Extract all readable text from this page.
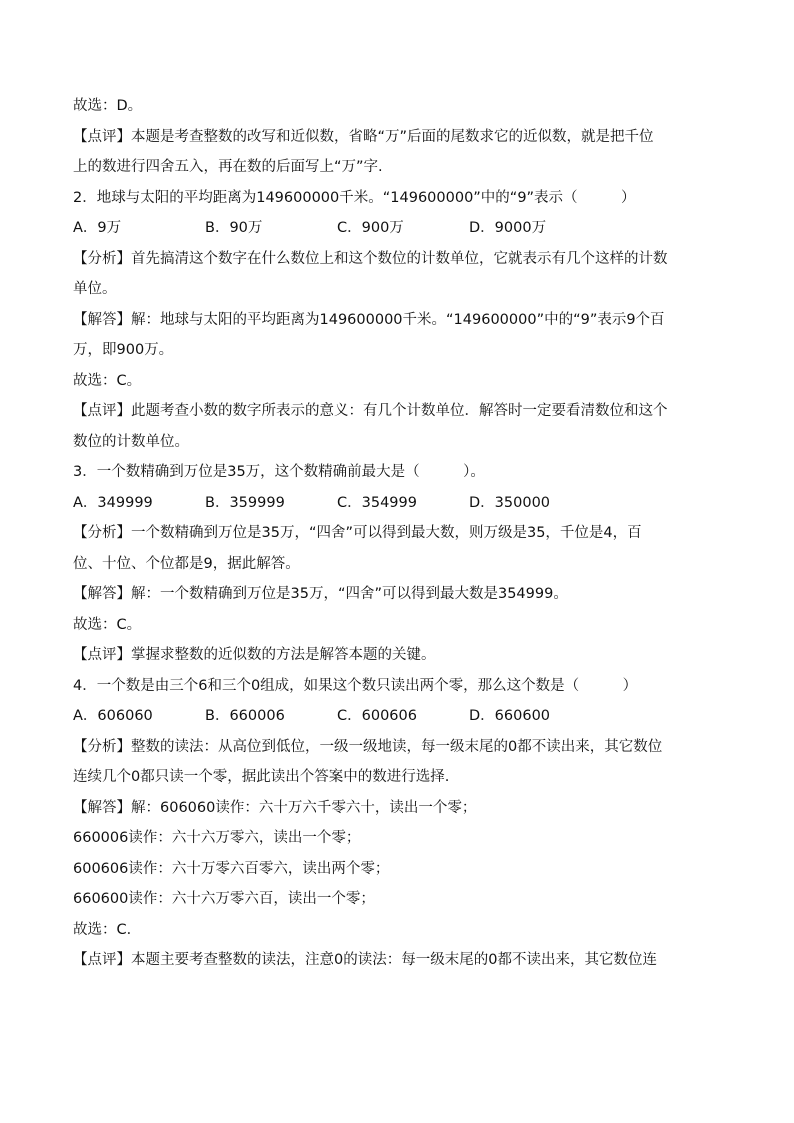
故选：D。
【点评】本题是考查整数的改写和近似数，省略“万”后面的尾数求它的近似数，就是把千位
上的数进行四舍五入，再在数的后面写上“万”字.
2．地球与太阳的平均距离为149600000千米。“149600000”中的“9”表示（　　　）
A．9万	B．90万	C．900万	D．9000万
【分析】首先搞清这个数字在什么数位上和这个数位的计数单位，它就表示有几个这样的计数
单位。
【解答】解：地球与太阳的平均距离为149600000千米。“149600000”中的“9”表示9个百
万，即900万。
故选：C。
【点评】此题考查小数的数字所表示的意义：有几个计数单位．解答时一定要看清数位和这个
数位的计数单位。
3．一个数精确到万位是35万，这个数精确前最大是（　　　）。
A．349999	B．359999	C．354999	D．350000
【分析】一个数精确到万位是35万，“四舍”可以得到最大数，则万级是35，千位是4，百
位、十位、个位都是9，据此解答。
【解答】解：一个数精确到万位是35万，“四舍”可以得到最大数是354999。
故选：C。
【点评】掌握求整数的近似数的方法是解答本题的关键。
4．一个数是由三个6和三个0组成，如果这个数只读出两个零，那么这个数是（　　　）
A．606060	B．660006	C．600606	D．660600
【分析】整数的读法：从高位到低位，一级一级地读，每一级末尾的0都不读出来，其它数位
连续几个0都只读一个零，据此读出个答案中的数进行选择.
【解答】解：606060读作：六十万六千零六十，读出一个零；
660006读作：六十六万零六，读出一个零；
600606读作：六十万零六百零六，读出两个零；
660600读作：六十六万零六百，读出一个零；
故选：C．
【点评】本题主要考查整数的读法，注意0的读法：每一级末尾的0都不读出来，其它数位连
